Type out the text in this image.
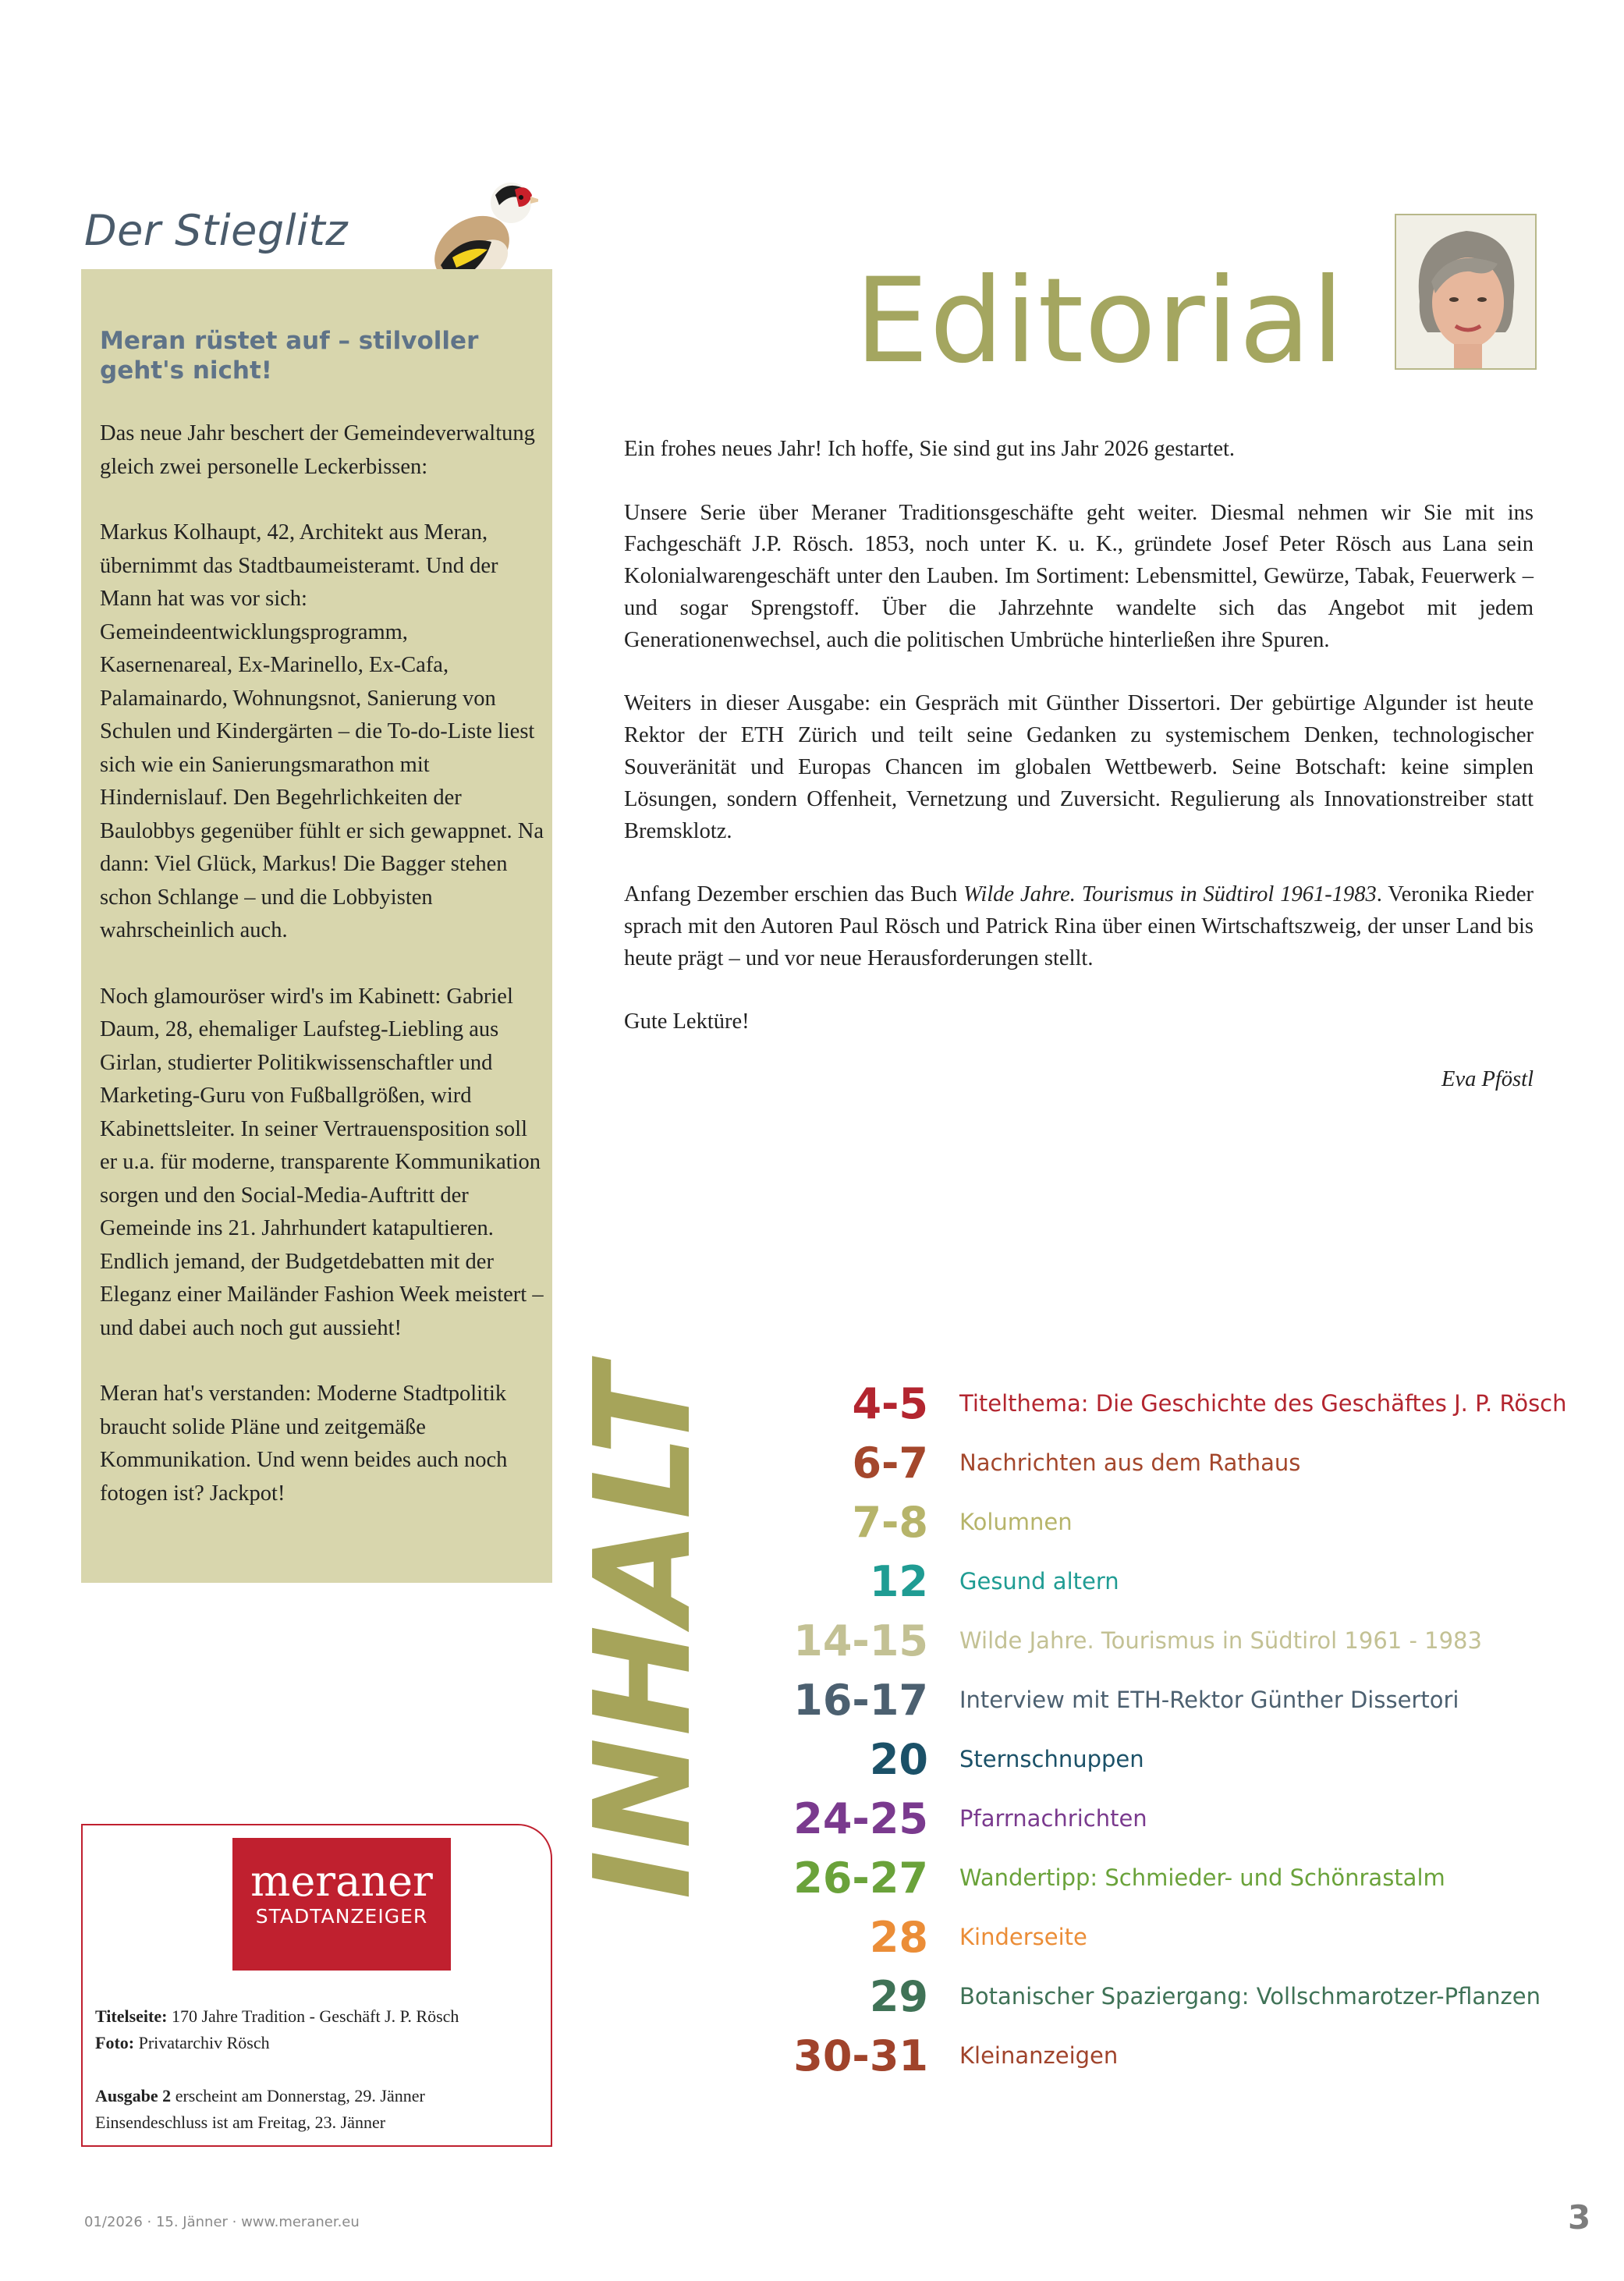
Der Stieglitz
Meran rüstet auf – stilvoller geht's nicht!

Das neue Jahr beschert der Gemeindeverwaltung gleich zwei personelle Leckerbissen:

Markus Kolhaupt, 42, Architekt aus Meran, übernimmt das Stadtbaumeisteramt. Und der Mann hat was vor sich: Gemeindeentwicklungsprogramm, Kasernenareal, Ex-Marinello, Ex-Cafa, Palamainardo, Wohnungsnot, Sanierung von Schulen und Kindergärten – die To-do-Liste liest sich wie ein Sanierungsmarathon mit Hindernislauf. Den Begehrlichkeiten der Baulobbys gegenüber fühlt er sich gewappnet. Na dann: Viel Glück, Markus! Die Bagger stehen schon Schlange – und die Lobbyisten wahrscheinlich auch.

Noch glamouröser wird's im Kabinett: Gabriel Daum, 28, ehemaliger Laufsteg-Liebling aus Girlan, studierter Politikwissenschaftler und Marketing-Guru von Fußballgrößen, wird Kabinettsleiter. In seiner Vertrauensposition soll er u.a. für moderne, transparente Kommunikation sorgen und den Social-Media-Auftritt der Gemeinde ins 21. Jahrhundert katapultieren. Endlich jemand, der Budgetdebatten mit der Eleganz einer Mailänder Fashion Week meistert – und dabei auch noch gut aussieht!

Meran hat's verstanden: Moderne Stadtpolitik braucht solide Pläne und zeitgemäße Kommunikation. Und wenn beides auch noch fotogen ist? Jackpot!

Editorial

Ein frohes neues Jahr! Ich hoffe, Sie sind gut ins Jahr 2026 gestartet.

Unsere Serie über Meraner Traditionsgeschäfte geht weiter. Diesmal nehmen wir Sie mit ins Fachgeschäft J.P. Rösch. 1853, noch unter K. u. K., gründete Josef Peter Rösch aus Lana sein Kolonialwarengeschäft unter den Lauben. Im Sortiment: Lebensmittel, Gewürze, Tabak, Feuerwerk – und sogar Sprengstoff. Über die Jahrzehnte wandelte sich das Angebot mit jedem Generationenwechsel, auch die politischen Umbrüche hinterließen ihre Spuren.

Weiters in dieser Ausgabe: ein Gespräch mit Günther Dissertori. Der gebürtige Algunder ist heute Rektor der ETH Zürich und teilt seine Gedanken zu systemischem Denken, technologischer Souveränität und Europas Chancen im globalen Wettbewerb. Seine Botschaft: keine simplen Lösungen, sondern Offenheit, Vernetzung und Zuversicht. Regulierung als Innovationstreiber statt Bremsklotz.

Anfang Dezember erschien das Buch Wilde Jahre. Tourismus in Südtirol 1961-1983. Veronika Rieder sprach mit den Autoren Paul Rösch und Patrick Rina über einen Wirtschaftszweig, der unser Land bis heute prägt – und vor neue Herausforderungen stellt.

Gute Lektüre!

Eva Pföstl
INHALT	4-5 Titelthema: Die Geschichte des Geschäftes J. P. Rösch
6-7 Nachrichten aus dem Rathaus
7-8 Kolumnen
12 Gesund altern
14-15 Wilde Jahre. Tourismus in Südtirol 1961 - 1983
16-17 Interview mit ETH-Rektor Günther Dissertori
20 Sternschnuppen
24-25 Pfarrnachrichten
26-27 Wandertipp: Schmieder- und Schönrastalm
28 Kinderseite
29 Botanischer Spaziergang: Vollschmarotzer-Pflanzen
30-31 Kleinanzeigen
meraner
STADTANZEIGER
Titelseite: 170 Jahre Tradition - Geschäft J. P. Rösch
Foto: Privatarchiv Rösch
Ausgabe 2 erscheint am Donnerstag, 29. Jänner
Einsendeschluss ist am Freitag, 23. Jänner
01/2026 · 15. Jänner · www.meraner.eu	3
